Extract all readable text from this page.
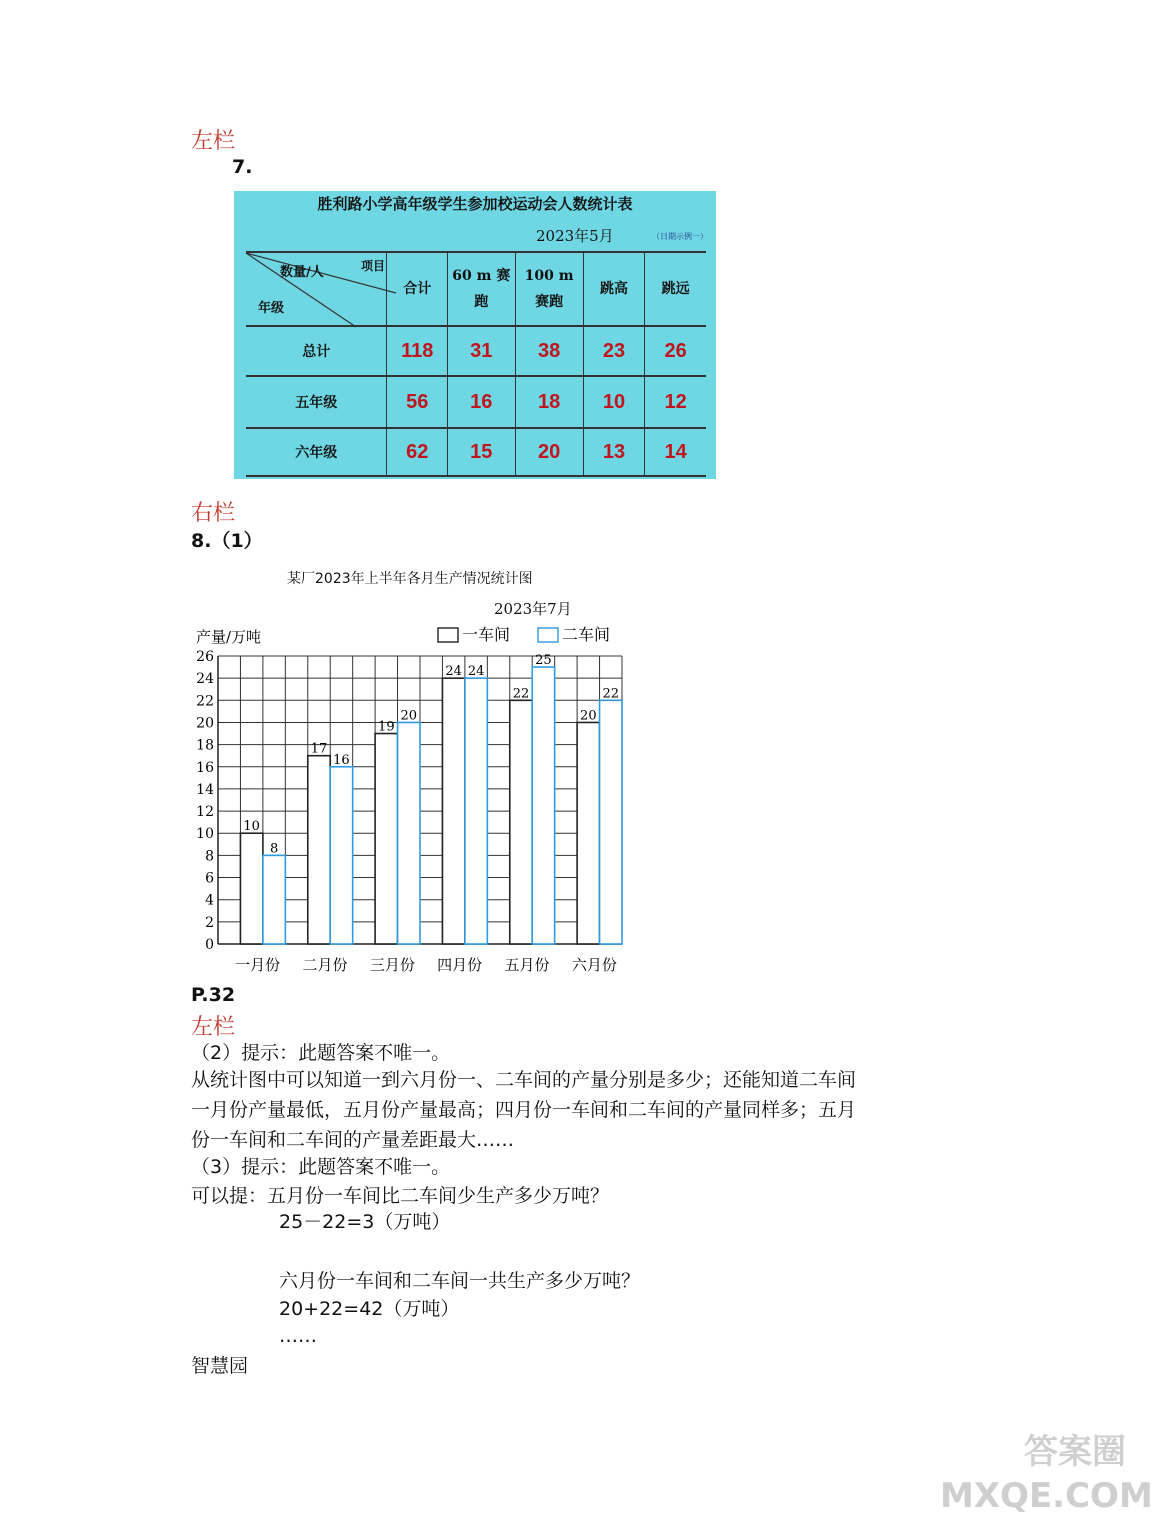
左栏
7.
胜利路小学高年级学生参加校运动会人数统计表
2023年5月	（日期示例一）
项目
数量/人
年级	合计	60 m 赛跑	100 m 赛跑	跳高	跳远
总计	118	31	38	23	26
五年级	56	16	18	10	12
六年级	62	15	20	13	14
右栏
8.（1）
某厂2023年上半年各月生产情况统计图
2023年7月
产量/万吨
0
2
4
6
8
10
12
14
16
18
20
22
24
26
10
8
一月份
17
16
二月份
19
20
三月份
24 24
四月份
22
25
五月份
20
22
六月份
一车间	二车间
P.32
左栏
（2）提示：此题答案不唯一。
从统计图中可以知道一到六月份一、二车间的产量分别是多少；还能知道二车间
一月份产量最低，五月份产量最高；四月份一车间和二车间的产量同样多；五月
份一车间和二车间的产量差距最大……
（3）提示：此题答案不唯一。
可以提：五月份一车间比二车间少生产多少万吨？
25－22=3（万吨）
六月份一车间和二车间一共生产多少万吨？
20+22=42（万吨）
……
智慧园
答案圈 MXQE.COM
